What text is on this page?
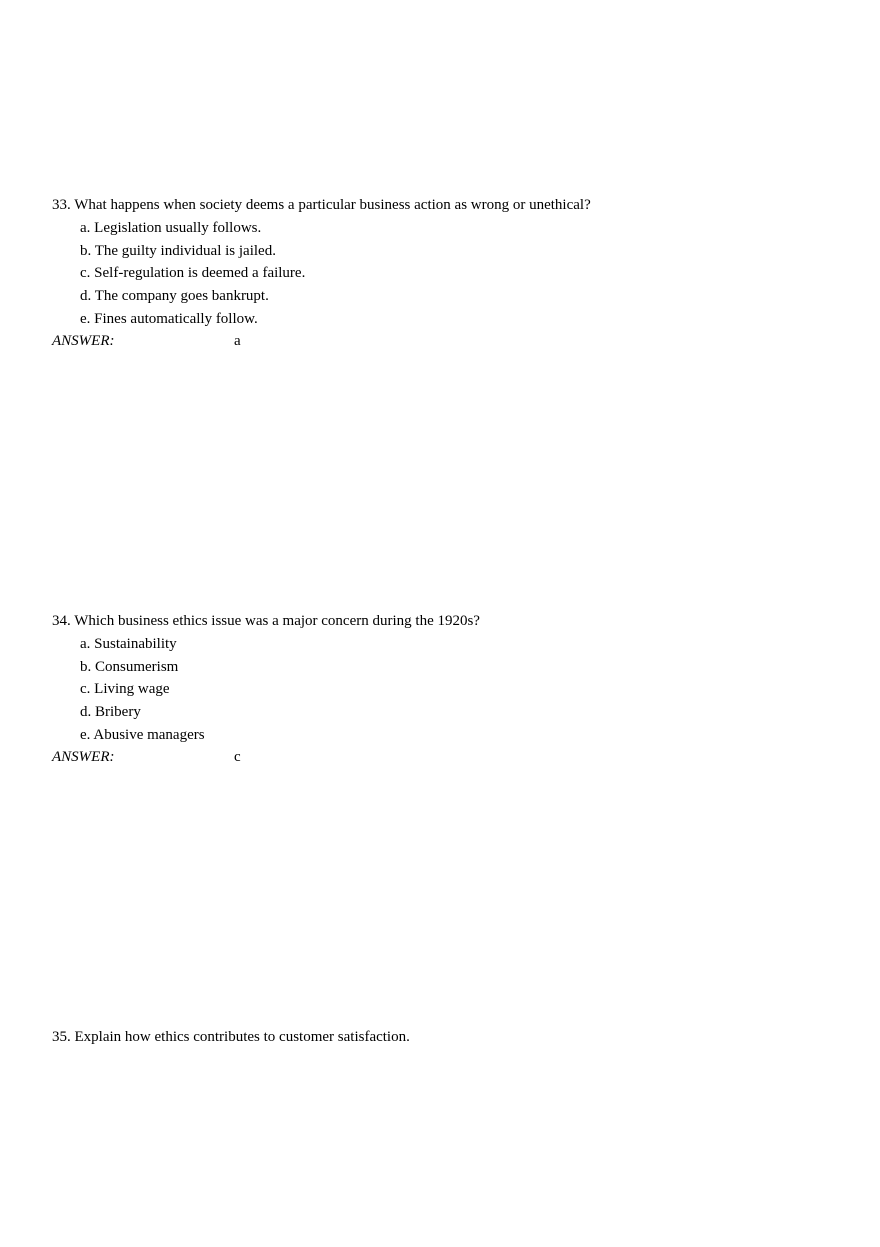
33. What happens when society deems a particular business action as wrong or unethical?
a. Legislation usually follows.
b. The guilty individual is jailed.
c. Self-regulation is deemed a failure.
d. The company goes bankrupt.
e. Fines automatically follow.
ANSWER:	a
34. Which business ethics issue was a major concern during the 1920s?
a. Sustainability
b. Consumerism
c. Living wage
d. Bribery
e. Abusive managers
ANSWER:	c
35. Explain how ethics contributes to customer satisfaction.
